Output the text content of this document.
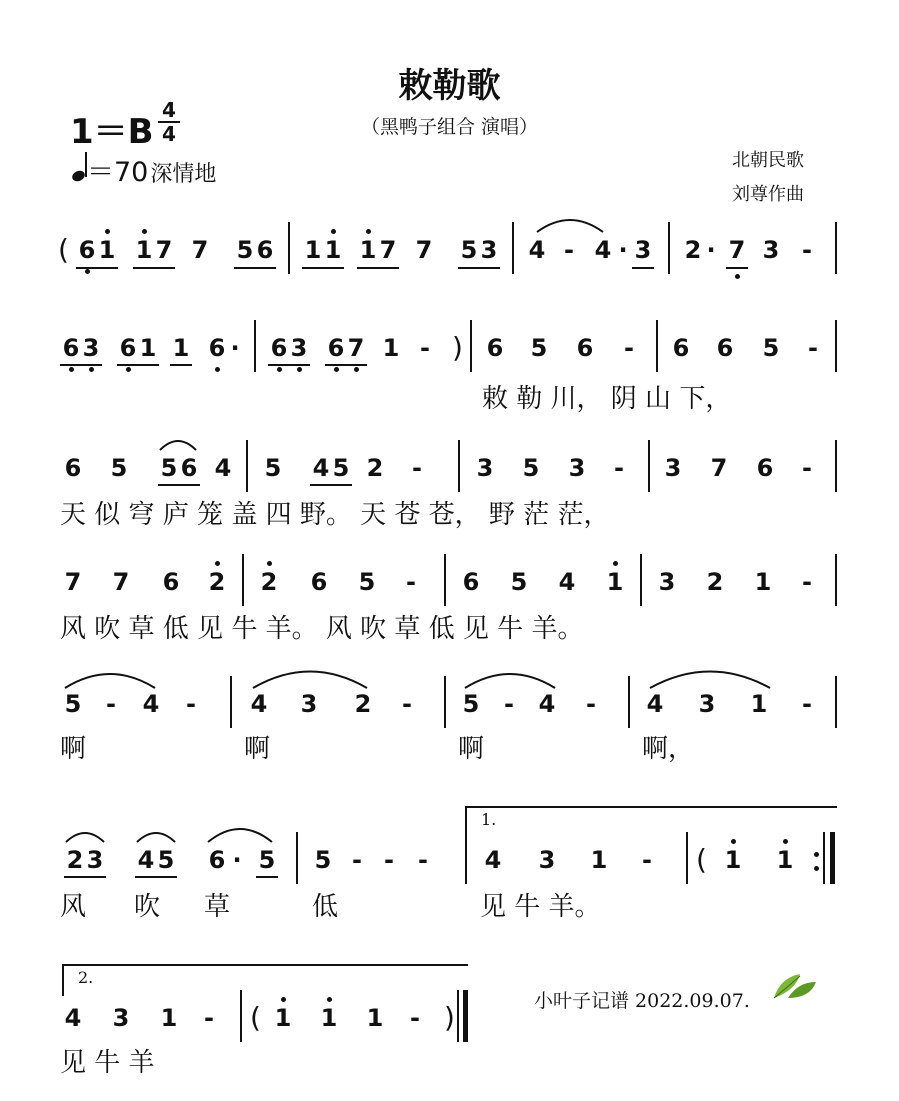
敕勒歌
（黑鸭子组合 演唱）
1＝B
4
4
＝70深情地
北朝民歌
刘尊作曲
( 6 1 1 7 7 5 6 1 1 1 7 7 5 3 4 - 4 · 3 2 · 7 3 -
6 3 6 1 1 6 · 6 3 6 7 1 - ) 6 5 6 - 6 6 5 -
敕 勒 川， 阴 山 下，
6 5 5 6 4 5 4 5 2 - 3 5 3 - 3 7 6 -
天 似 穹 庐 笼 盖 四 野。 天 苍 苍， 野 茫 茫，
7 7 6 2 2 6 5 - 6 5 4 1 3 2 1 -
风 吹 草 低 见 牛 羊。 风 吹 草 低 见 牛 羊。
5 - 4 - 4 3 2 - 5 - 4 - 4 3 1 -
啊	啊	啊	啊，
1.
2 3 4 5 6 · 5 5 - - - 4 3 1 - ( 1 1
风 吹 草	低	见 牛 羊。
2.
4 3 1 - ( 1 1 1 - )
见 牛 羊
小叶子记谱 2022.09.07.
